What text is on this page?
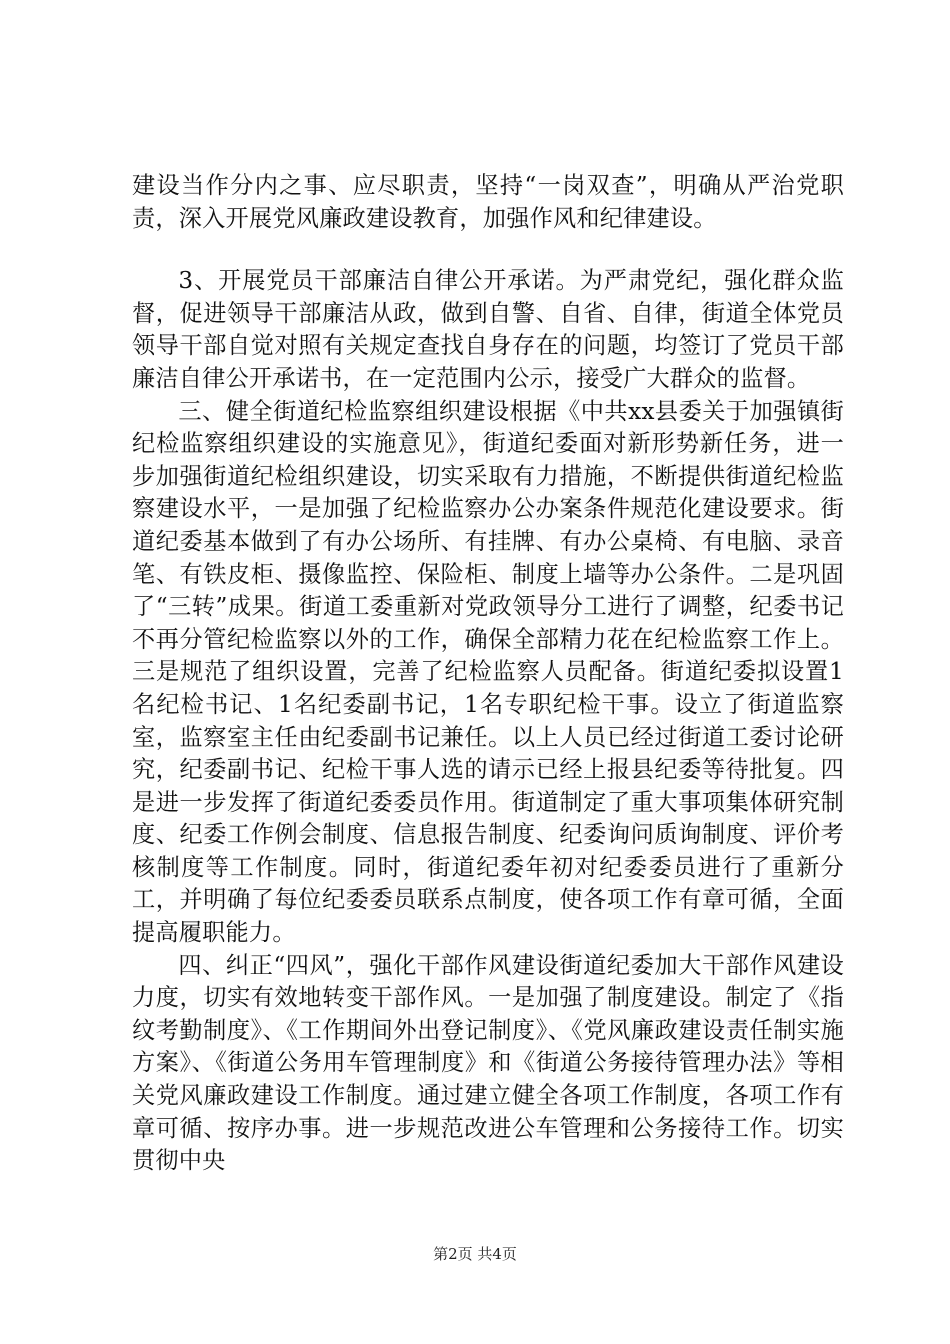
建设当作分内之事、应尽职责，坚持“一岗双查”，明确从严治党职责，深入开展党风廉政建设教育，加强作风和纪律建设。

3、开展党员干部廉洁自律公开承诺。为严肃党纪，强化群众监督，促进领导干部廉洁从政，做到自警、自省、自律，街道全体党员领导干部自觉对照有关规定查找自身存在的问题，均签订了党员干部廉洁自律公开承诺书，在一定范围内公示，接受广大群众的监督。

三、健全街道纪检监察组织建设根据《中共xx县委关于加强镇街纪检监察组织建设的实施意见》，街道纪委面对新形势新任务，进一步加强街道纪检组织建设，切实采取有力措施，不断提供街道纪检监察建设水平，一是加强了纪检监察办公办案条件规范化建设要求。街道纪委基本做到了有办公场所、有挂牌、有办公桌椅、有电脑、录音笔、有铁皮柜、摄像监控、保险柜、制度上墙等办公条件。二是巩固了“三转”成果。街道工委重新对党政领导分工进行了调整，纪委书记不再分管纪检监察以外的工作，确保全部精力花在纪检监察工作上。三是规范了组织设置，完善了纪检监察人员配备。街道纪委拟设置1名纪检书记、1名纪委副书记，1名专职纪检干事。设立了街道监察室，监察室主任由纪委副书记兼任。以上人员已经过街道工委讨论研究，纪委副书记、纪检干事人选的请示已经上报县纪委等待批复。四是进一步发挥了街道纪委委员作用。街道制定了重大事项集体研究制度、纪委工作例会制度、信息报告制度、纪委询问质询制度、评价考核制度等工作制度。同时，街道纪委年初对纪委委员进行了重新分工，并明确了每位纪委委员联系点制度，使各项工作有章可循，全面提高履职能力。

四、纠正“四风”，强化干部作风建设街道纪委加大干部作风建设力度，切实有效地转变干部作风。一是加强了制度建设。制定了《指纹考勤制度》、《工作期间外出登记制度》、《党风廉政建设责任制实施方案》、《街道公务用车管理制度》和《街道公务接待管理办法》等相关党风廉政建设工作制度。通过建立健全各项工作制度，各项工作有章可循、按序办事。进一步规范改进公车管理和公务接待工作。切实贯彻中央

第2页 共4页
